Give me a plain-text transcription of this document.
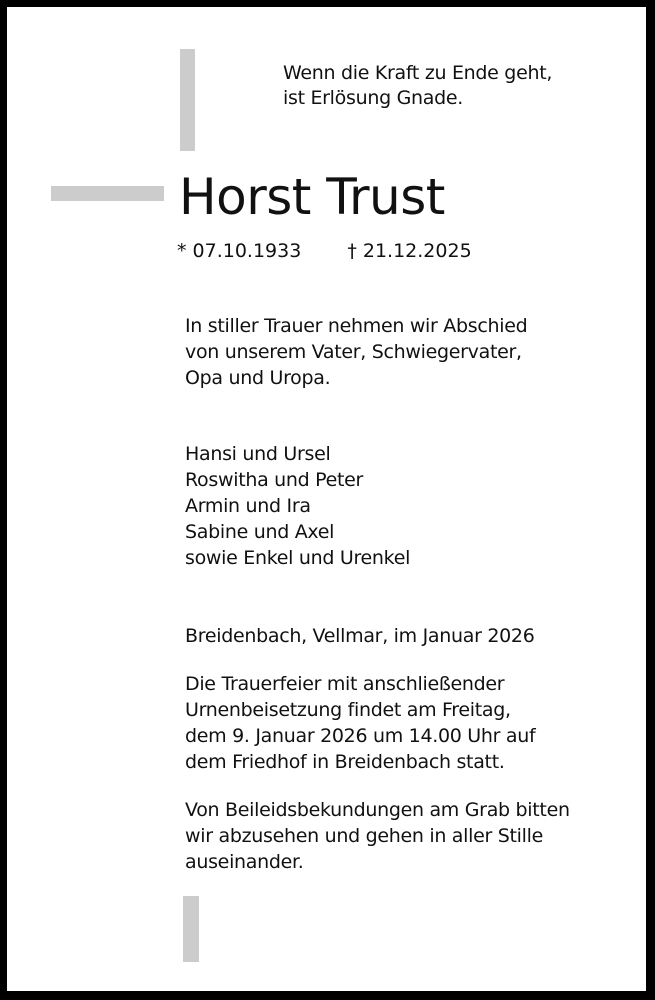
Wenn die Kraft zu Ende geht,
ist Erlösung Gnade.
Horst Trust
* 07.10.1933 † 21.12.2025
In stiller Trauer nehmen wir Abschied
von unserem Vater, Schwiegervater,
Opa und Uropa.
Hansi und Ursel
Roswitha und Peter
Armin und Ira
Sabine und Axel
sowie Enkel und Urenkel
Breidenbach, Vellmar, im Januar 2026
Die Trauerfeier mit anschließender
Urnenbeisetzung findet am Freitag,
dem 9. Januar 2026 um 14.00 Uhr auf
dem Friedhof in Breidenbach statt.
Von Beileidsbekundungen am Grab bitten
wir abzusehen und gehen in aller Stille
auseinander.
